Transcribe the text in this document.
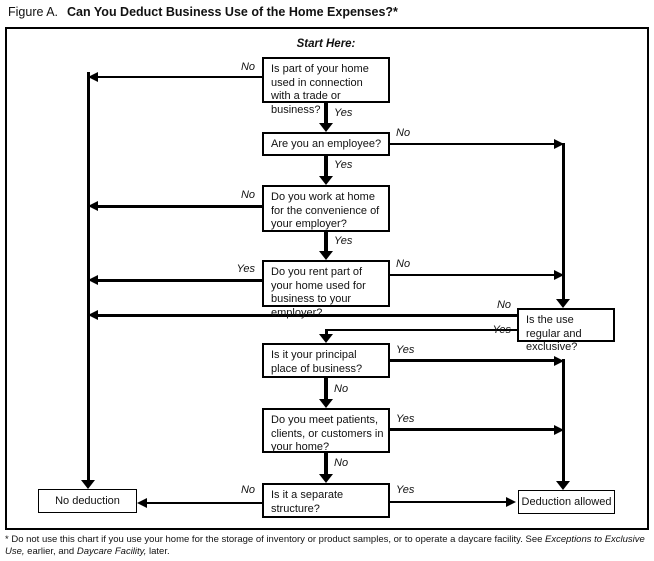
Figure A. Can You Deduct Business Use of the Home Expenses?*
Start Here:
No
Yes
No
Yes
No
Yes
Yes	No
No
Yes
Yes
No
Yes
No
No	Yes
Is part of your home used in connection with a trade or business?
Are you an employee?
Do you work at home for the convenience of your employer?
Do you rent part of your home used for business to your employer?
Is the use regular and exclusive?
Is it your principal place of business?
Do you meet patients, clients, or customers in your home?
Is it a separate structure?
No deduction	Deduction allowed
* Do not use this chart if you use your home for the storage of inventory or product samples, or to operate a daycare facility. See Exceptions to Exclusive Use, earlier, and Daycare Facility, later.
